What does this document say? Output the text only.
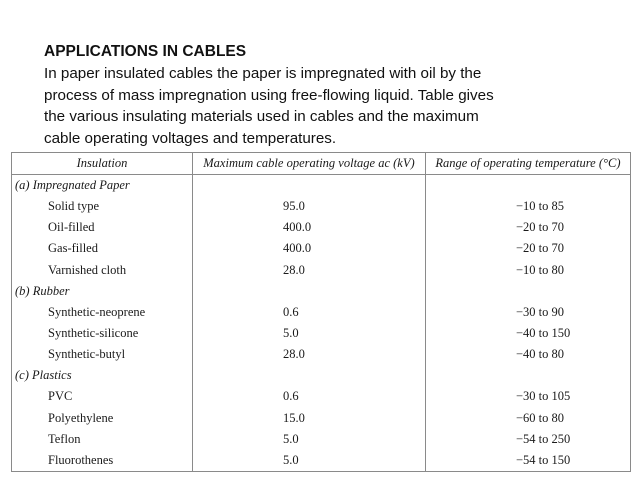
APPLICATIONS IN CABLES

In paper insulated cables the paper is impregnated with oil by the
process of mass impregnation using free-flowing liquid. Table gives
the various insulating materials used in cables and the maximum
cable operating voltages and temperatures.

Insulation	Maximum cable operating voltage ac (kV)	Range of operating temperature (°C)
(a) Impregnated Paper		
Solid type	95.0	−10 to 85
Oil-filled	400.0	−20 to 70
Gas-filled	400.0	−20 to 70
Varnished cloth	28.0	−10 to 80
(b) Rubber		
Synthetic-neoprene	0.6	−30 to 90
Synthetic-silicone	5.0	−40 to 150
Synthetic-butyl	28.0	−40 to 80
(c) Plastics		
PVC	0.6	−30 to 105
Polyethylene	15.0	−60 to 80
Teflon	5.0	−54 to 250
Fluorothenes	5.0	−54 to 150
